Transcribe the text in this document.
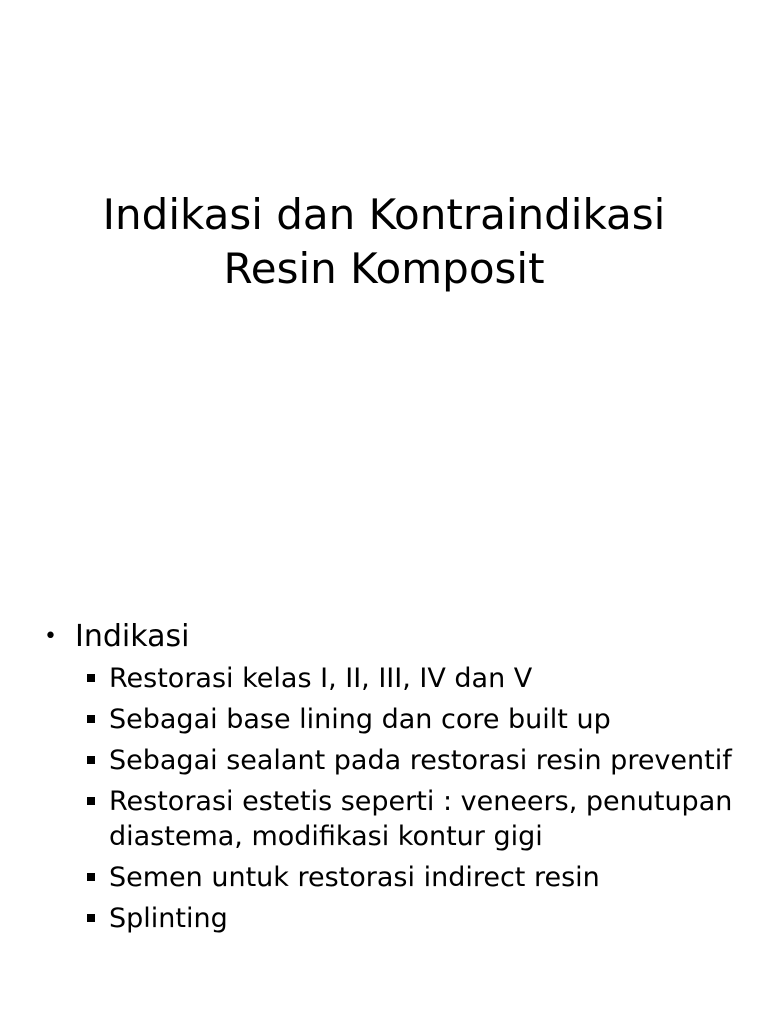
Indikasi dan Kontraindikasi
Resin Komposit
• Indikasi
Restorasi kelas I, II, III, IV dan V
Sebagai base lining dan core built up
Sebagai sealant pada restorasi resin preventif
Restorasi estetis seperti : veneers, penutupan diastema, modifikasi kontur gigi
Semen untuk restorasi indirect resin
Splinting
